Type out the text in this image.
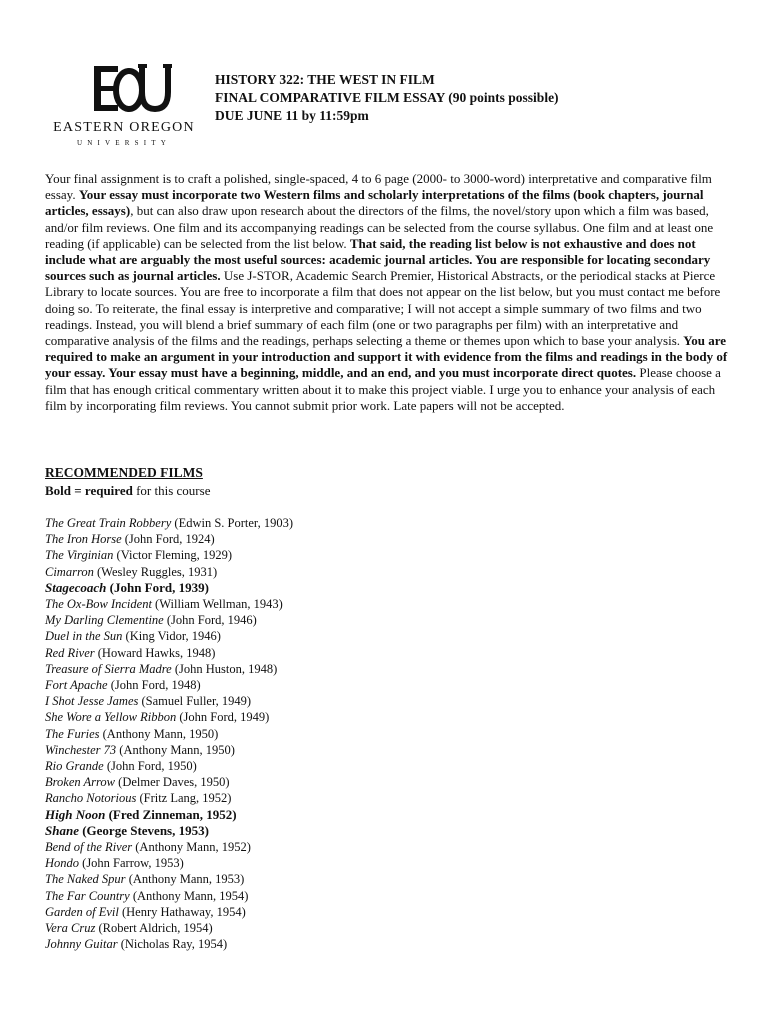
EASTERN OREGON
UNIVERSITY
HISTORY 322: THE WEST IN FILM
FINAL COMPARATIVE FILM ESSAY (90 points possible)
DUE JUNE 11 by 11:59pm
Your final assignment is to craft a polished, single-spaced, 4 to 6 page (2000- to 3000-word) interpretative and comparative film essay. Your essay must incorporate two Western films and scholarly interpretations of the films (book chapters, journal articles, essays), but can also draw upon research about the directors of the films, the novel/story upon which a film was based, and/or film reviews. One film and its accompanying readings can be selected from the course syllabus. One film and at least one reading (if applicable) can be selected from the list below. That said, the reading list below is not exhaustive and does not include what are arguably the most useful sources: academic journal articles. You are responsible for locating secondary sources such as journal articles. Use J-STOR, Academic Search Premier, Historical Abstracts, or the periodical stacks at Pierce Library to locate sources. You are free to incorporate a film that does not appear on the list below, but you must contact me before doing so. To reiterate, the final essay is interpretive and comparative; I will not accept a simple summary of two films and two readings. Instead, you will blend a brief summary of each film (one or two paragraphs per film) with an interpretative and comparative analysis of the films and the readings, perhaps selecting a theme or themes upon which to base your analysis. You are required to make an argument in your introduction and support it with evidence from the films and readings in the body of your essay. Your essay must have a beginning, middle, and an end, and you must incorporate direct quotes. Please choose a film that has enough critical commentary written about it to make this project viable. I urge you to enhance your analysis of each film by incorporating film reviews. You cannot submit prior work. Late papers will not be accepted.
RECOMMENDED FILMS
Bold = required for this course
The Great Train Robbery (Edwin S. Porter, 1903)
The Iron Horse (John Ford, 1924)
The Virginian (Victor Fleming, 1929)
Cimarron (Wesley Ruggles, 1931)
Stagecoach (John Ford, 1939)
The Ox-Bow Incident (William Wellman, 1943)
My Darling Clementine (John Ford, 1946)
Duel in the Sun (King Vidor, 1946)
Red River (Howard Hawks, 1948)
Treasure of Sierra Madre (John Huston, 1948)
Fort Apache (John Ford, 1948)
I Shot Jesse James (Samuel Fuller, 1949)
She Wore a Yellow Ribbon (John Ford, 1949)
The Furies (Anthony Mann, 1950)
Winchester 73 (Anthony Mann, 1950)
Rio Grande (John Ford, 1950)
Broken Arrow (Delmer Daves, 1950)
Rancho Notorious (Fritz Lang, 1952)
High Noon (Fred Zinneman, 1952)
Shane (George Stevens, 1953)
Bend of the River (Anthony Mann, 1952)
Hondo (John Farrow, 1953)
The Naked Spur (Anthony Mann, 1953)
The Far Country (Anthony Mann, 1954)
Garden of Evil (Henry Hathaway, 1954)
Vera Cruz (Robert Aldrich, 1954)
Johnny Guitar (Nicholas Ray, 1954)
